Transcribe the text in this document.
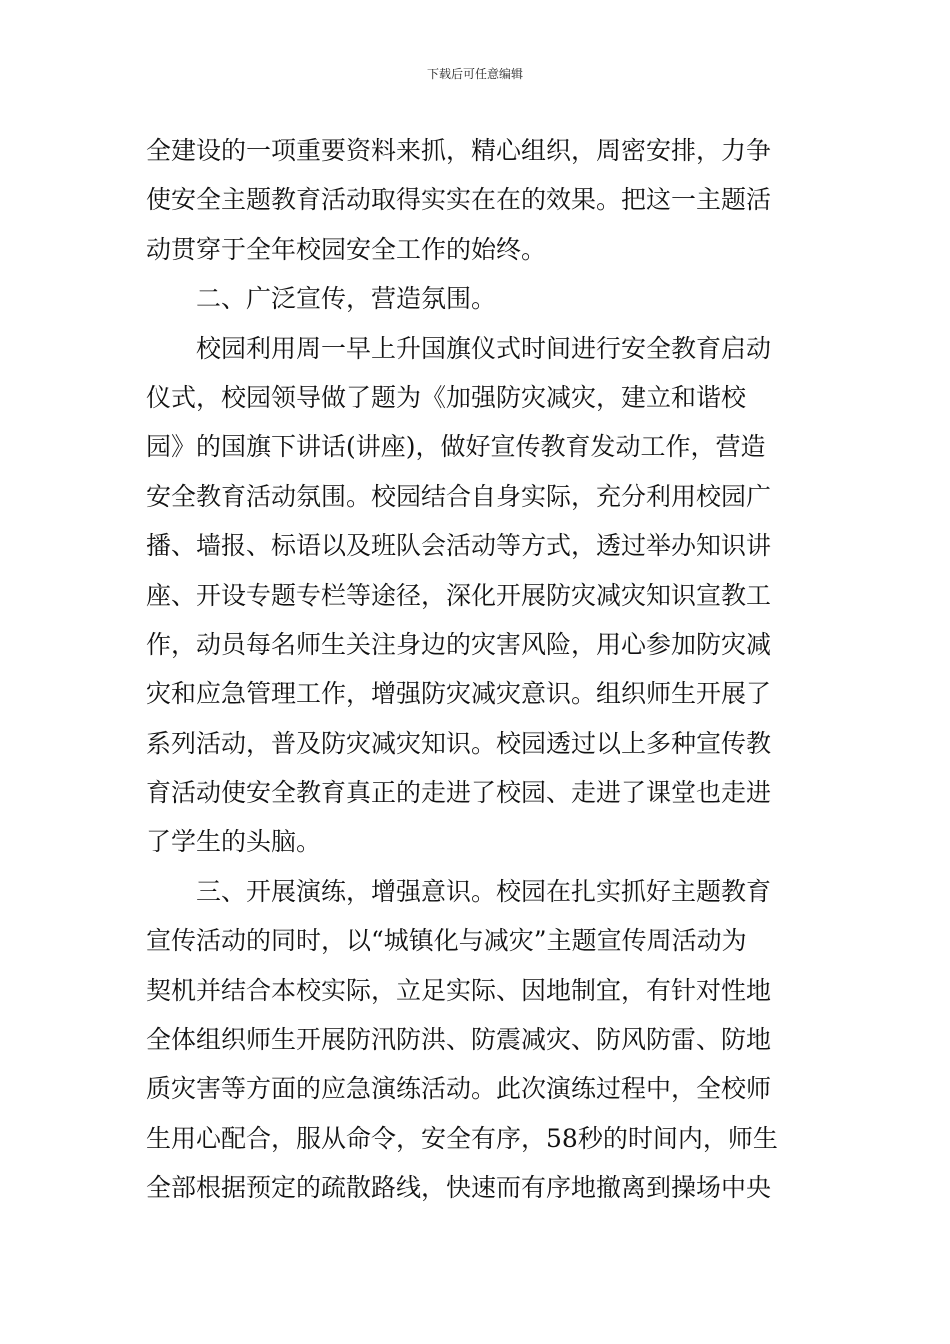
下载后可任意编辑
全建设的一项重要资料来抓，精心组织，周密安排，力争
使安全主题教育活动取得实实在在的效果。把这一主题活
动贯穿于全年校园安全工作的始终。
二、广泛宣传，营造氛围。
校园利用周一早上升国旗仪式时间进行安全教育启动
仪式，校园领导做了题为《加强防灾减灾，建立和谐校
园》的国旗下讲话(讲座)，做好宣传教育发动工作，营造
安全教育活动氛围。校园结合自身实际，充分利用校园广
播、墙报、标语以及班队会活动等方式，透过举办知识讲
座、开设专题专栏等途径，深化开展防灾减灾知识宣教工
作，动员每名师生关注身边的灾害风险，用心参加防灾减
灾和应急管理工作，增强防灾减灾意识。组织师生开展了
系列活动，普及防灾减灾知识。校园透过以上多种宣传教
育活动使安全教育真正的走进了校园、走进了课堂也走进
了学生的头脑。
三、开展演练，增强意识。校园在扎实抓好主题教育
宣传活动的同时，以“城镇化与减灾”主题宣传周活动为
契机并结合本校实际，立足实际、因地制宜，有针对性地
全体组织师生开展防汛防洪、防震减灾、防风防雷、防地
质灾害等方面的应急演练活动。此次演练过程中，全校师
生用心配合，服从命令，安全有序，58秒的时间内，师生
全部根据预定的疏散路线，快速而有序地撤离到操场中央
